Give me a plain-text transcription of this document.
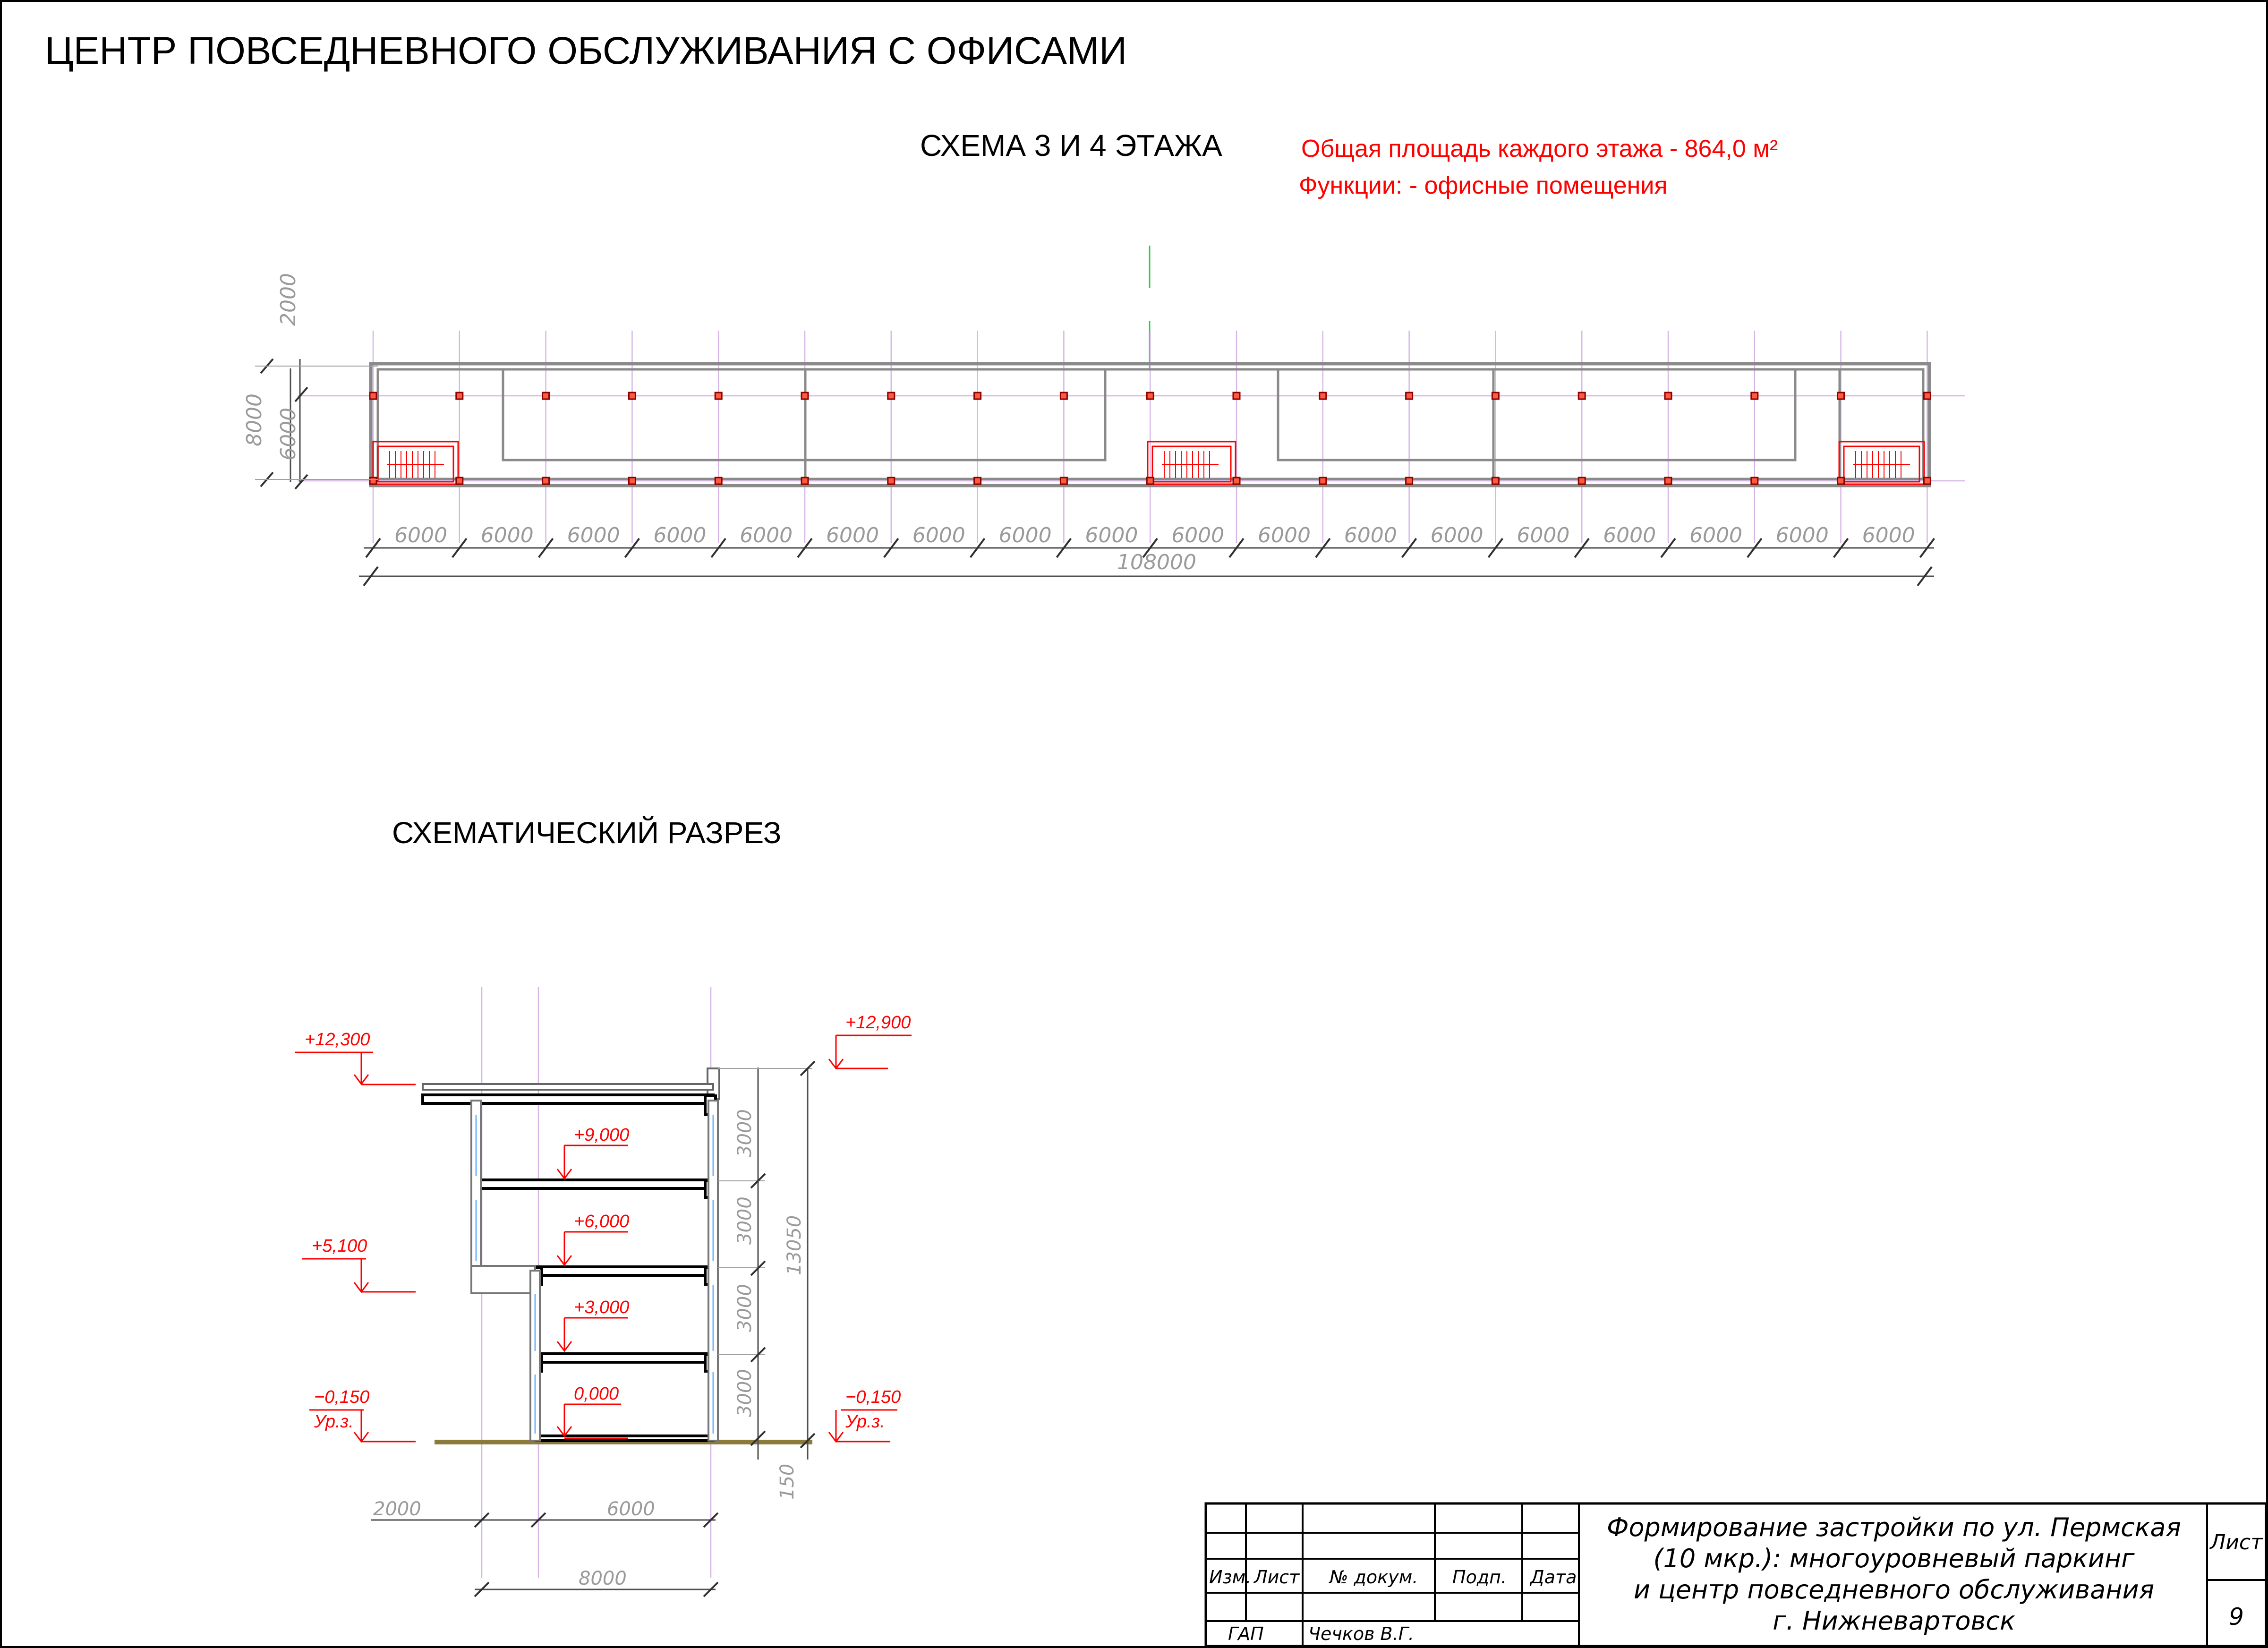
ЦЕНТР ПОВСЕДНЕВНОГО ОБСЛУЖИВАНИЯ С ОФИСАМИ
СХЕМА 3 И 4 ЭТАЖА	Общая площадь каждого этажа - 864,0 м²
Функции: - офисные помещения
2000
6000
8000
6000 6000 6000 6000 6000 6000 6000 6000 6000 6000 6000 6000 6000 6000 6000 6000 6000 6000
108000
СХЕМАТИЧЕСКИЙ РАЗРЕЗ
+12,300
+12,900
+9,000
+6,000
+5,100
+3,000
0,000
−0,150
Ур.з.
−0,150
Ур.з.
3000
3000
3000
3000
13050
150
2000	6000
8000	Изм. Лист № докум. Подп. Дата
ГАП Чечков В.Г.
Формирование застройки по ул. Пермская
(10 мкр.): многоуровневый паркинг
и центр повседневного обслуживания
г. Нижневартовск
Лист
9
